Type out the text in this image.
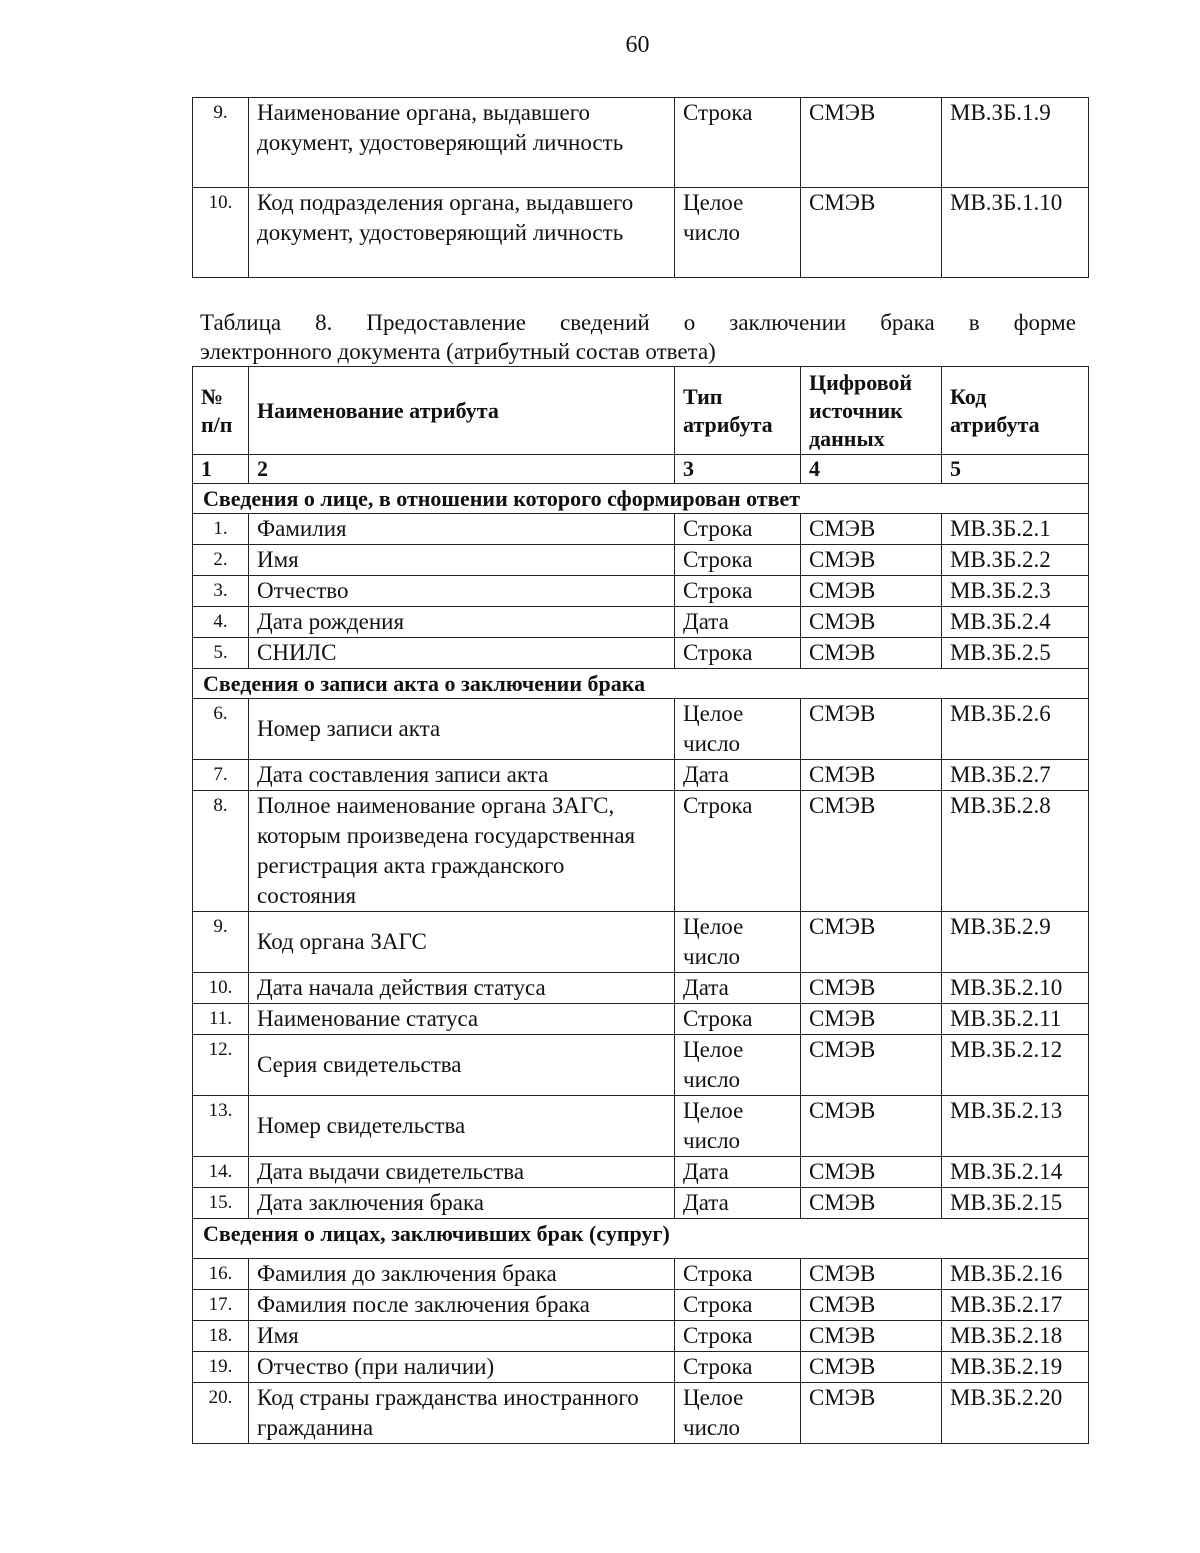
60
9.	Наименование органа, выдавшего документ, удостоверяющий личность	Строка	СМЭВ	МВ.ЗБ.1.9
10.	Код подразделения органа, выдавшего документ, удостоверяющий личность	Целое число	СМЭВ	МВ.ЗБ.1.10
Таблица 8. Предоставление сведений о заключении брака в форме
электронного документа (атрибутный состав ответа)
№ п/п	Наименование атрибута	Тип атрибута	Цифровой источник данных	Код атрибута
1	2	3	4	5
Сведения о лице, в отношении которого сформирован ответ				
1.	Фамилия	Строка	СМЭВ	МВ.ЗБ.2.1
2.	Имя	Строка	СМЭВ	МВ.ЗБ.2.2
3.	Отчество	Строка	СМЭВ	МВ.ЗБ.2.3
4.	Дата рождения	Дата	СМЭВ	МВ.ЗБ.2.4
5.	СНИЛС	Строка	СМЭВ	МВ.ЗБ.2.5
Сведения о записи акта о заключении брака				
6.	Номер записи акта	Целое число	СМЭВ	МВ.ЗБ.2.6
7.	Дата составления записи акта	Дата	СМЭВ	МВ.ЗБ.2.7
8.	Полное наименование органа ЗАГС, которым произведена государственная регистрация акта гражданского состояния	Строка	СМЭВ	МВ.ЗБ.2.8
9.	Код органа ЗАГС	Целое число	СМЭВ	МВ.ЗБ.2.9
10.	Дата начала действия статуса	Дата	СМЭВ	МВ.ЗБ.2.10
11.	Наименование статуса	Строка	СМЭВ	МВ.ЗБ.2.11
12.	Серия свидетельства	Целое число	СМЭВ	МВ.ЗБ.2.12
13.	Номер свидетельства	Целое число	СМЭВ	МВ.ЗБ.2.13
14.	Дата выдачи свидетельства	Дата	СМЭВ	МВ.ЗБ.2.14
15.	Дата заключения брака	Дата	СМЭВ	МВ.ЗБ.2.15
Сведения о лицах, заключивших брак (супруг)				
16.	Фамилия до заключения брака	Строка	СМЭВ	МВ.ЗБ.2.16
17.	Фамилия после заключения брака	Строка	СМЭВ	МВ.ЗБ.2.17
18.	Имя	Строка	СМЭВ	МВ.ЗБ.2.18
19.	Отчество (при наличии)	Строка	СМЭВ	МВ.ЗБ.2.19
20.	Код страны гражданства иностранного гражданина	Целое число	СМЭВ	МВ.ЗБ.2.20
